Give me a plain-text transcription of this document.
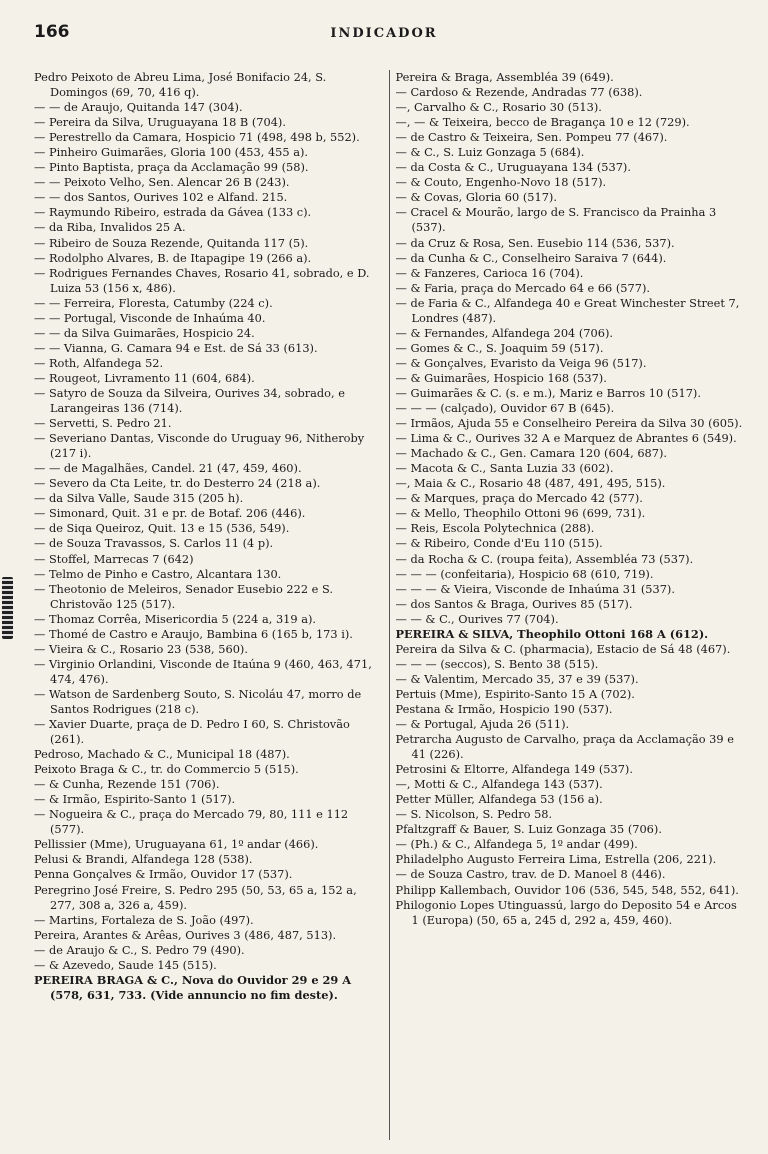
166	INDICADOR

Pedro Peixoto de Abreu Lima, José Bonifacio 24, S. Domingos (69, 70, 416 q).

— — de Araujo, Quitanda 147 (304).

— Pereira da Silva, Uruguayana 18 B (704).

— Perestrello da Camara, Hospicio 71 (498, 498 b, 552).

— Pinheiro Guimarães, Gloria 100 (453, 455 a).

— Pinto Baptista, praça da Acclamação 99 (58).

— — Peixoto Velho, Sen. Alencar 26 B (243).

— — dos Santos, Ourives 102 e Alfand. 215.

— Raymundo Ribeiro, estrada da Gávea (133 c).

— da Riba, Invalidos 25 A.

— Ribeiro de Souza Rezende, Quitanda 117 (5).

— Rodolpho Alvares, B. de Itapagipe 19 (266 a).

— Rodrigues Fernandes Chaves, Rosario 41, sobrado, e D. Luiza 53 (156 x, 486).

— — Ferreira, Floresta, Catumby (224 c).

— — Portugal, Visconde de Inhaúma 40.

— — da Silva Guimarães, Hospicio 24.

— — Vianna, G. Camara 94 e Est. de Sá 33 (613).

— Roth, Alfandega 52.

— Rougeot, Livramento 11 (604, 684).

— Satyro de Souza da Silveira, Ourives 34, sobrado, e Larangeiras 136 (714).

— Servetti, S. Pedro 21.

— Severiano Dantas, Visconde do Uruguay 96, Nitheroby (217 i).

— — de Magalhães, Candel. 21 (47, 459, 460).

— Severo da Cta Leite, tr. do Desterro 24 (218 a).

— da Silva Valle, Saude 315 (205 h).

— Simonard, Quit. 31 e pr. de Botaf. 206 (446).

— de Siqa Queiroz, Quit. 13 e 15 (536, 549).

— de Souza Travassos, S. Carlos 11 (4 p).

— Stoffel, Marrecas 7 (642)

— Telmo de Pinho e Castro, Alcantara 130.

— Theotonio de Meleiros, Senador Eusebio 222 e S. Christovão 125 (517).

— Thomaz Corrêa, Misericordia 5 (224 a, 319 a).

— Thomé de Castro e Araujo, Bambina 6 (165 b, 173 i).

— Vieira & C., Rosario 23 (538, 560).

— Virginio Orlandini, Visconde de Itaúna 9 (460, 463, 471, 474, 476).

— Watson de Sardenberg Souto, S. Nicoláu 47, morro de Santos Rodrigues (218 c).

— Xavier Duarte, praça de D. Pedro I 60, S. Christovão (261).

Pedroso, Machado & C., Municipal 18 (487).

Peixoto Braga & C., tr. do Commercio 5 (515).

— & Cunha, Rezende 151 (706).

— & Irmão, Espirito-Santo 1 (517).

— Nogueira & C., praça do Mercado 79, 80, 111 e 112 (577).

Pellissier (Mme), Uruguayana 61, 1º andar (466).

Pelusi & Brandi, Alfandega 128 (538).

Penna Gonçalves & Irmão, Ouvidor 17 (537).

Peregrino José Freire, S. Pedro 295 (50, 53, 65 a, 152 a, 277, 308 a, 326 a, 459).

— Martins, Fortaleza de S. João (497).

Pereira, Arantes & Arêas, Ourives 3 (486, 487, 513).

— de Araujo & C., S. Pedro 79 (490).

— & Azevedo, Saude 145 (515).

PEREIRA BRAGA & C., Nova do Ouvidor 29 e 29 A (578, 631, 733. (Vide annuncio no fim deste).

Pereira & Braga, Assembléa 39 (649).

— Cardoso & Rezende, Andradas 77 (638).

—, Carvalho & C., Rosario 30 (513).

—, — & Teixeira, becco de Bragança 10 e 12 (729).

— de Castro & Teixeira, Sen. Pompeu 77 (467).

— & C., S. Luiz Gonzaga 5 (684).

— da Costa & C., Uruguayana 134 (537).

— & Couto, Engenho-Novo 18 (517).

— & Covas, Gloria 60 (517).

— Cracel & Mourão, largo de S. Francisco da Prainha 3 (537).

— da Cruz & Rosa, Sen. Eusebio 114 (536, 537).

— da Cunha & C., Conselheiro Saraiva 7 (644).

— & Fanzeres, Carioca 16 (704).

— & Faria, praça do Mercado 64 e 66 (577).

— de Faria & C., Alfandega 40 e Great Winchester Street 7, Londres (487).

— & Fernandes, Alfandega 204 (706).

— Gomes & C., S. Joaquim 59 (517).

— & Gonçalves, Evaristo da Veiga 96 (517).

— & Guimarães, Hospicio 168 (537).

— Guimarães & C. (s. e m.), Mariz e Barros 10 (517).

— — — (calçado), Ouvidor 67 B (645).

— Irmãos, Ajuda 55 e Conselheiro Pereira da Silva 30 (605).

— Lima & C., Ourives 32 A e Marquez de Abrantes 6 (549).

— Machado & C., Gen. Camara 120 (604, 687).

— Macota & C., Santa Luzia 33 (602).

—, Maia & C., Rosario 48 (487, 491, 495, 515).

— & Marques, praça do Mercado 42 (577).

— & Mello, Theophilo Ottoni 96 (699, 731).

— Reis, Escola Polytechnica (288).

— & Ribeiro, Conde d'Eu 110 (515).

— da Rocha & C. (roupa feita), Assembléa 73 (537).

— — — (confeitaria), Hospicio 68 (610, 719).

— — — & Vieira, Visconde de Inhaúma 31 (537).

— dos Santos & Braga, Ourives 85 (517).

— — & C., Ourives 77 (704).

PEREIRA & SILVA, Theophilo Ottoni 168 A (612).

Pereira da Silva & C. (pharmacia), Estacio de Sá 48 (467).

— — — (seccos), S. Bento 38 (515).

— & Valentim, Mercado 35, 37 e 39 (537).

Pertuis (Mme), Espirito-Santo 15 A (702).

Pestana & Irmão, Hospicio 190 (537).

— & Portugal, Ajuda 26 (511).

Petrarcha Augusto de Carvalho, praça da Acclamação 39 e 41 (226).

Petrosini & Eltorre, Alfandega 149 (537).

—, Motti & C., Alfandega 143 (537).

Petter Müller, Alfandega 53 (156 a).

— S. Nicolson, S. Pedro 58.

Pfaltzgraff & Bauer, S. Luiz Gonzaga 35 (706).

— (Ph.) & C., Alfandega 5, 1º andar (499).

Philadelpho Augusto Ferreira Lima, Estrella (206, 221).

— de Souza Castro, trav. de D. Manoel 8 (446).

Philipp Kallembach, Ouvidor 106 (536, 545, 548, 552, 641).

Philogonio Lopes Utinguassú, largo do Deposito 54 e Arcos 1 (Europa) (50, 65 a, 245 d, 292 a, 459, 460).
